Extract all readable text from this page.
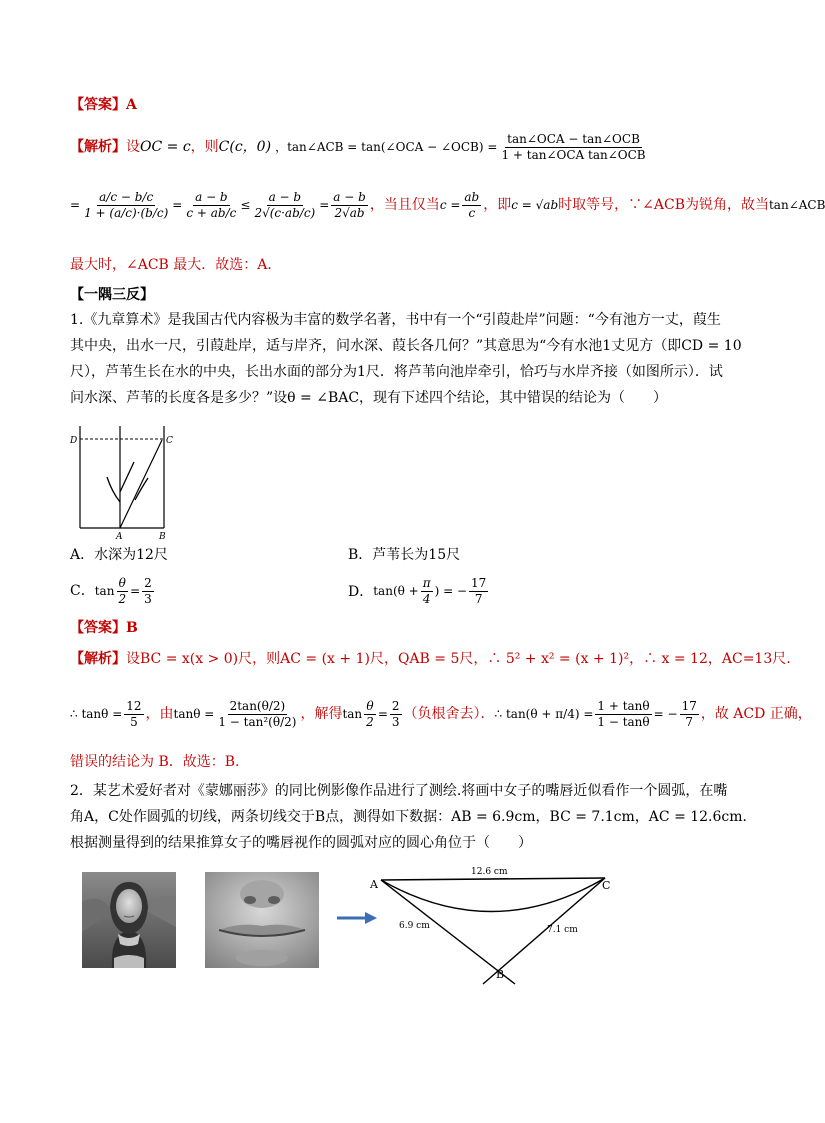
【答案】A
【解析】 设 OC = c ，则 C(c，0) ，tan∠ACB = tan(∠OCA − ∠OCB) = $\frac{\text{tan∠OCA − tan∠OCB}}{\text{1 + tan∠OCA tan∠OCB}}$
= $\frac{a/c - b/c}{1 + (a/c)\cdot(b/c)} = \frac{a - b}{c + ab/c} \le \frac{a - b}{2√(c\cdot ab/c)} = \frac{a - b}{2√ab}$ ，当且仅当 $c = \frac{ab}{c}$ ，即 c = √ab 时取等号，∵∠ACB为锐角，故当 tan∠ACB
最大时，∠ACB 最大．故选：A．
【一隅三反】
1.《九章算术》是我国古代内容极为丰富的数学名著，书中有一个“引葭赴岸”问题：“今有池方一丈，葭生
其中央，出水一尺，引葭赴岸，适与岸齐，问水深、葭长各几何？”其意思为“今有水池1丈见方（即CD = 10
尺），芦苇生长在水的中央，长出水面的部分为1尺．将芦苇向池岸牵引，恰巧与水岸齐接（如图所示）．试
问水深、芦苇的长度各是多少？”设θ = ∠BAC，现有下述四个结论，其中错误的结论为（　　）
D	C
A	B
A．水深为12尺	B．芦苇长为15尺
C． $\tan \frac{\theta}{2} = \frac{2}{3}$	D． $\tan(\theta + \frac{\pi}{4}$ ) = − $\frac{17}{7}$
【答案】B
【解析】设BC = x(x > 0)尺，则AC = (x + 1)尺，QAB = 5尺，∴ 5² + x² = (x + 1)²，∴ x = 12，AC=13尺.
∴ $\tan\theta = \frac{12}{5}$ ，由 $\tan\theta = \frac{2\tan(\theta/2)}{\text{1 − tan²(θ/2)}}$ ，解得 $\tan \frac{\theta}{2} = \frac{2}{3}$ （负根舍去）． ∴ $\tan(\theta + \pi/4) = \frac{1 + \tan\theta}{1 - \tan\theta}$ = − $\frac{17}{7}$ ，故 ACD 正确，
错误的结论为 B．故选：B.
2．某艺术爱好者对《蒙娜丽莎》的同比例影像作品进行了测绘.将画中女子的嘴唇近似看作一个圆弧，在嘴
角A，C处作圆弧的切线，两条切线交于B点，测得如下数据：AB = 6.9cm，BC = 7.1cm，AC = 12.6cm．
根据测量得到的结果推算女子的嘴唇视作的圆弧对应的圆心角位于（　　）
A	C
B
12.6 cm
6.9 cm	7.1 cm
